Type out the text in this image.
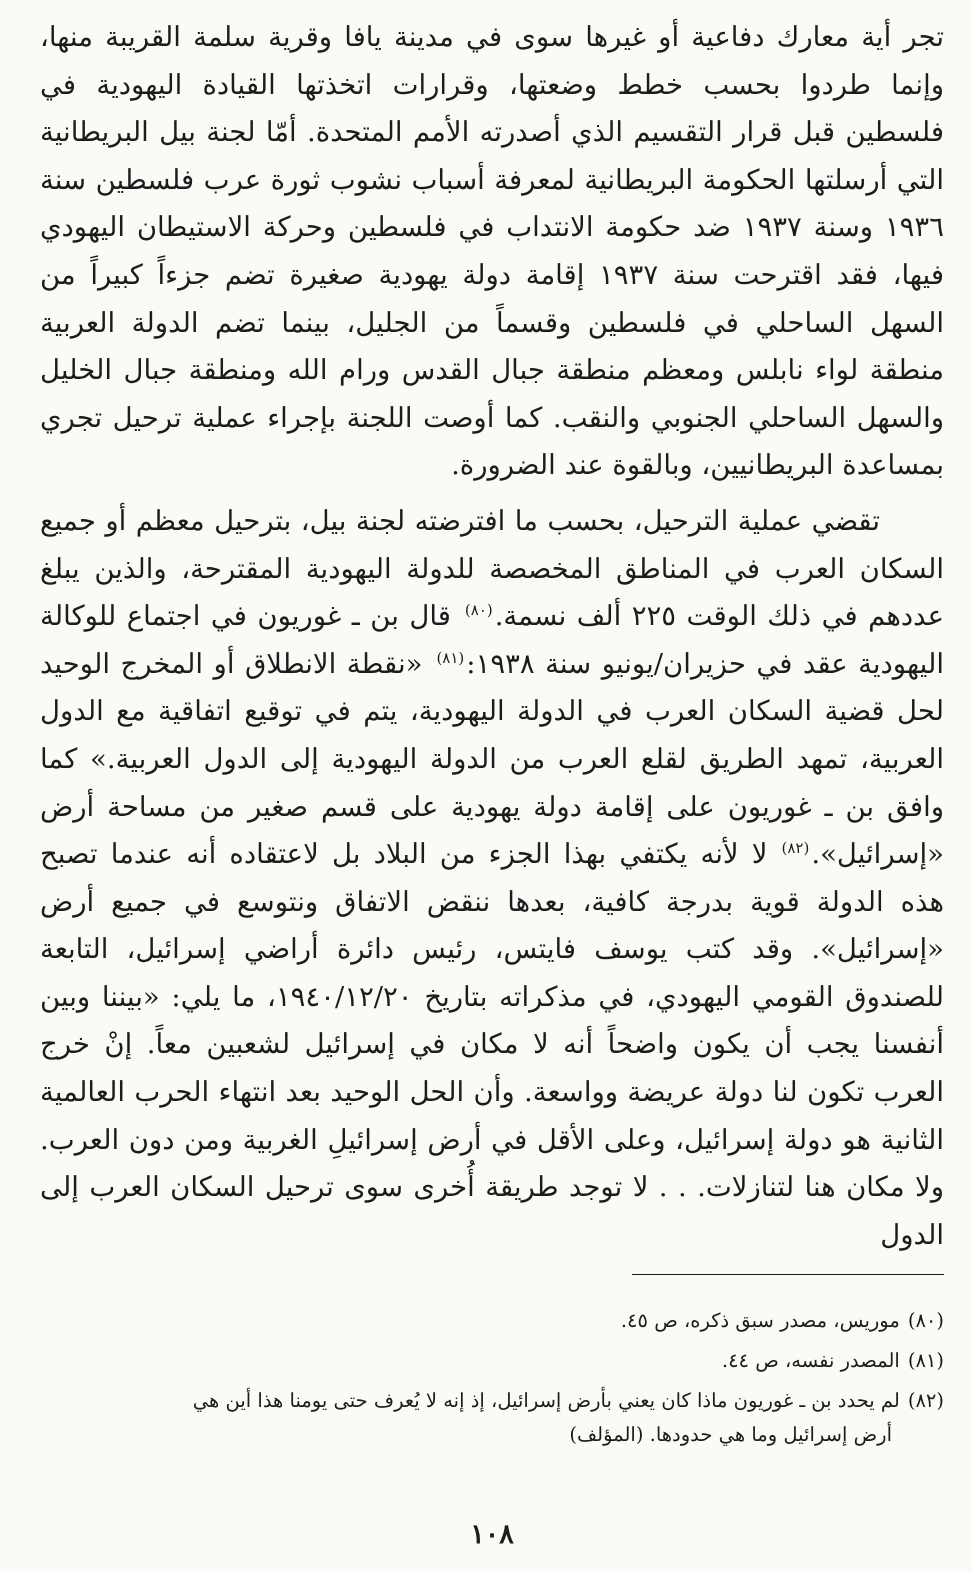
تجر أية معارك دفاعية أو غيرها سوى في مدينة يافا وقرية سلمة القريبة منها، وإنما طردوا بحسب خطط وضعتها، وقرارات اتخذتها القيادة اليهودية في فلسطين قبل قرار التقسيم الذي أصدرته الأمم المتحدة. أمّا لجنة بيل البريطانية التي أرسلتها الحكومة البريطانية لمعرفة أسباب نشوب ثورة عرب فلسطين سنة ١٩٣٦ وسنة ١٩٣٧ ضد حكومة الانتداب في فلسطين وحركة الاستيطان اليهودي فيها، فقد اقترحت سنة ١٩٣٧ إقامة دولة يهودية صغيرة تضم جزءاً كبيراً من السهل الساحلي في فلسطين وقسماً من الجليل، بينما تضم الدولة العربية منطقة لواء نابلس ومعظم منطقة جبال القدس ورام الله ومنطقة جبال الخليل والسهل الساحلي الجنوبي والنقب. كما أوصت اللجنة بإجراء عملية ترحيل تجري بمساعدة البريطانيين، وبالقوة عند الضرورة.

تقضي عملية الترحيل، بحسب ما افترضته لجنة بيل، بترحيل معظم أو جميع السكان العرب في المناطق المخصصة للدولة اليهودية المقترحة، والذين يبلغ عددهم في ذلك الوقت ٢٢٥ ألف نسمة.$^{(٨٠)}$قال بن ـ غوريون في اجتماع للوكالة اليهودية عقد في حزيران/يونيو سنة ١٩٣٨:$^{(٨١)}$«نقطة الانطلاق أو المخرج الوحيد لحل قضية السكان العرب في الدولة اليهودية، يتم في توقيع اتفاقية مع الدول العربية، تمهد الطريق لقلع العرب من الدولة اليهودية إلى الدول العربية.» كما وافق بن ـ غوريون على إقامة دولة يهودية على قسم صغير من مساحة أرض «إسرائيل».$^{(٨٢)}$لا لأنه يكتفي بهذا الجزء من البلاد بل لاعتقاده أنه عندما تصبح هذه الدولة قوية بدرجة كافية، بعدها ننقض الاتفاق ونتوسع في جميع أرض «إسرائيل». وقد كتب يوسف فايتس، رئيس دائرة أراضي إسرائيل، التابعة للصندوق القومي اليهودي، في مذكراته بتاريخ ١٩٤٠/١٢/٢٠، ما يلي: «بيننا وبين أنفسنا يجب أن يكون واضحاً أنه لا مكان في إسرائيل لشعبين معاً. إنْ خرج العرب تكون لنا دولة عريضة وواسعة. وأن الحل الوحيد بعد انتهاء الحرب العالمية الثانية هو دولة إسرائيل، وعلى الأقل في أرض إسرائيلِ الغربية ومن دون العرب. ولا مكان هنا لتنازلات. . . لا توجد طريقة أُخرى سوى ترحيل السكان العرب إلى الدول

(٨٠)موريس، مصدر سبق ذكره، ص ٤٥.

(٨١)المصدر نفسه، ص ٤٤.

(٨٢)لم يحدد بن ـ غوريون ماذا كان يعني بأرض إسرائيل، إذ إنه لا يُعرف حتى يومنا هذا أين هي
أرض إسرائيل وما هي حدودها. (المؤلف)

١٠٨
